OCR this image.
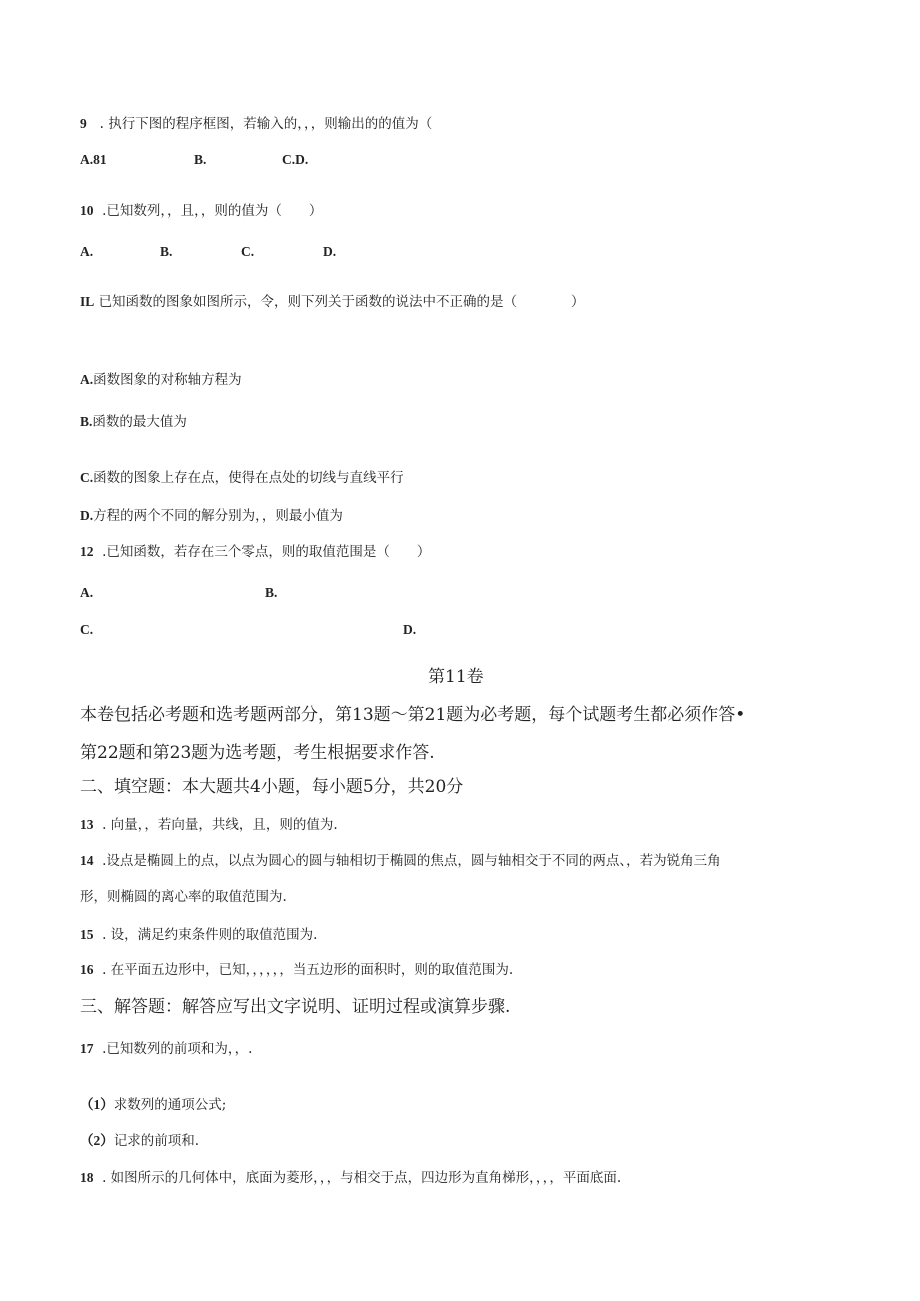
9 . 执行下图的程序框图，若输入的，，，则输出的的值为（
A.81	B.	C.D.
10 .已知数列，，且，，则的值为（　　）
A.	B.	C.	D.
IL 已知函数的图象如图所示，令，则下列关于函数的说法中不正确的是（　　　　）
A.函数图象的对称轴方程为
B.函数的最大值为
C.函数的图象上存在点，使得在点处的切线与直线平行
D.方程的两个不同的解分别为，，则最小值为
12 .已知函数，若存在三个零点，则的取值范围是（　　）
A.	B.
C.	D.
第11卷
本卷包括必考题和选考题两部分，第13题～第21题为必考题，每个试题考生都必须作答•
第22题和第23题为选考题，考生根据要求作答.
二、填空题：本大题共4小题，每小题5分，共20分
13 . 向量，，若向量，共线，且，则的值为.
14 .设点是椭圆上的点，以点为圆心的圆与轴相切于椭圆的焦点，圆与轴相交于不同的两点、，若为锐角三角
形，则椭圆的离心率的取值范围为.
15 . 设，满足约束条件则的取值范围为.
16 . 在平面五边形中，已知，，，，，，当五边形的面积时，则的取值范围为.
三、解答题：解答应写出文字说明、证明过程或演算步骤.
17 .已知数列的前项和为，，.
（1）求数列的通项公式;
（2）记求的前项和.
18 . 如图所示的几何体中，底面为菱形，，，与相交于点，四边形为直角梯形，，，，平面底面.
